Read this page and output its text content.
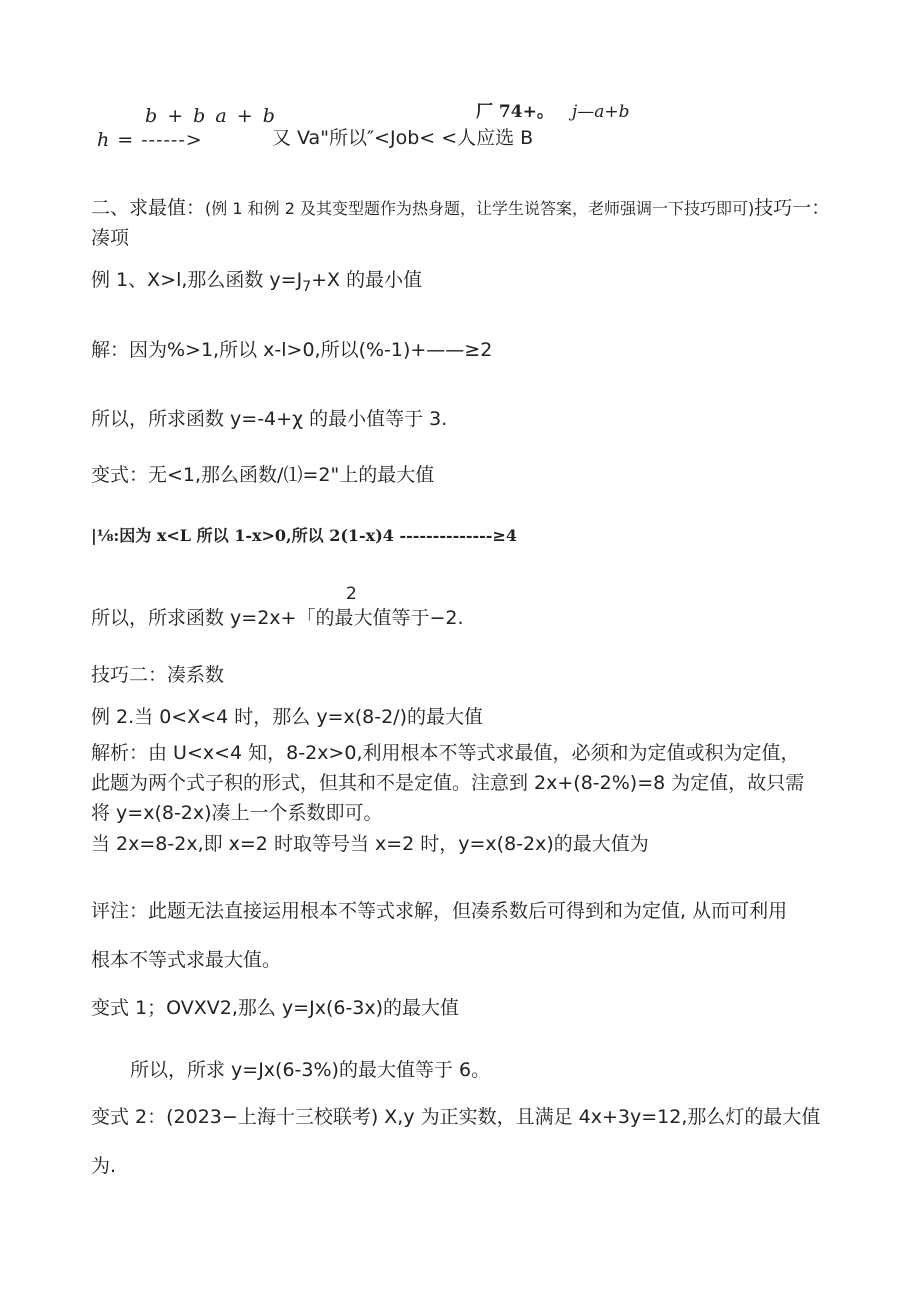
b + b a + b
h = ------>	又 Va"所以″<Job< <人应选 B
厂 74+。 j—a+b
二、求最值：(例 1 和例 2 及其变型题作为热身题，让学生说答案，老师强调一下技巧即可)技巧一：
凑项
例 1、X>l,那么函数 $y=J_7+X$ 的最小值
解：因为%>1,所以 x-l>0,所以(%-1)+——≥2
所以，所求函数 y=-4+χ 的最小值等于 3.
变式：无<1,那么函数/⑴=2"上的最大值
|⅛:因为 x<L 所以 1-x>0,所以 2(1-x)4 --------------≥4
2
所以，所求函数 y=2x+「的最大值等于−2.
技巧二：凑系数
例 2.当 0<X<4 时，那么 y=x(8-2/)的最大值
解析：由 U<x<4 知，8-2x>0,利用根本不等式求最值，必须和为定值或积为定值，
此题为两个式子积的形式，但其和不是定值。注意到 2x+(8-2%)=8 为定值，故只需
将 y=x(8-2x)凑上一个系数即可。
当 2x=8-2x,即 x=2 时取等号当 x=2 时，y=x(8-2x)的最大值为
评注：此题无法直接运用根本不等式求解，但凑系数后可得到和为定值, 从而可利用
根本不等式求最大值。
变式 1；OVXV2,那么 y=Jx(6-3x)的最大值
所以，所求 y=Jx(6-3%)的最大值等于 6。
变式 2：(2023−上海十三校联考) X,y 为正实数，且满足 4x+3y=12,那么灯的最大值
为.
